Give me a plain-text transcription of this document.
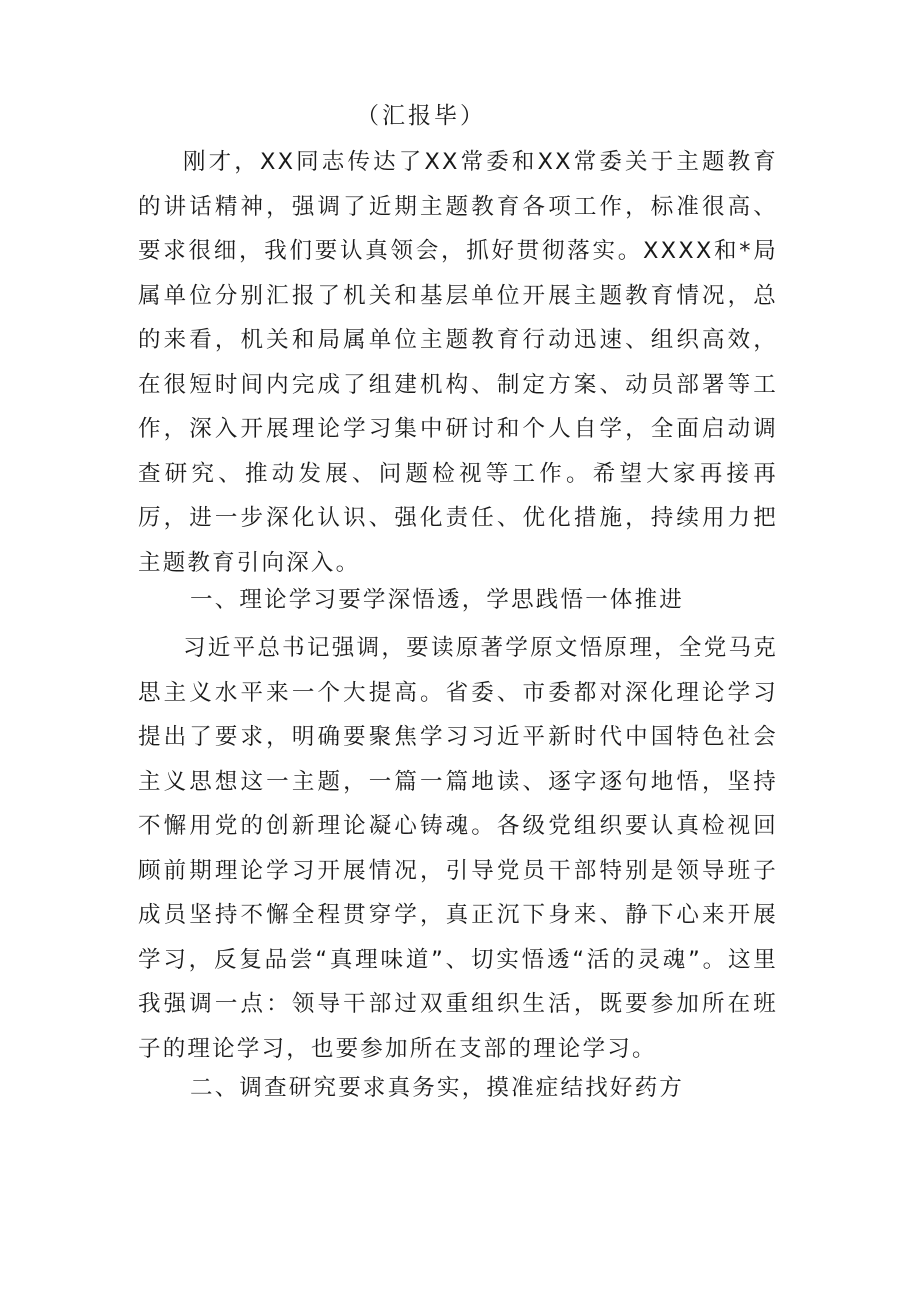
（汇报毕）

刚才，XX同志传达了XX常委和XX常委关于主题教育的讲话精神，强调了近期主题教育各项工作，标准很高、要求很细，我们要认真领会，抓好贯彻落实。XXXX和*局属单位分别汇报了机关和基层单位开展主题教育情况，总的来看，机关和局属单位主题教育行动迅速、组织高效，在很短时间内完成了组建机构、制定方案、动员部署等工作，深入开展理论学习集中研讨和个人自学，全面启动调查研究、推动发展、问题检视等工作。希望大家再接再厉，进一步深化认识、强化责任、优化措施，持续用力把主题教育引向深入。

一、理论学习要学深悟透，学思践悟一体推进

习近平总书记强调，要读原著学原文悟原理，全党马克思主义水平来一个大提高。省委、市委都对深化理论学习提出了要求，明确要聚焦学习习近平新时代中国特色社会主义思想这一主题，一篇一篇地读、逐字逐句地悟，坚持不懈用党的创新理论凝心铸魂。各级党组织要认真检视回顾前期理论学习开展情况，引导党员干部特别是领导班子成员坚持不懈全程贯穿学，真正沉下身来、静下心来开展学习，反复品尝“真理味道”、切实悟透“活的灵魂”。这里我强调一点：领导干部过双重组织生活，既要参加所在班子的理论学习，也要参加所在支部的理论学习。

二、调查研究要求真务实，摸准症结找好药方
